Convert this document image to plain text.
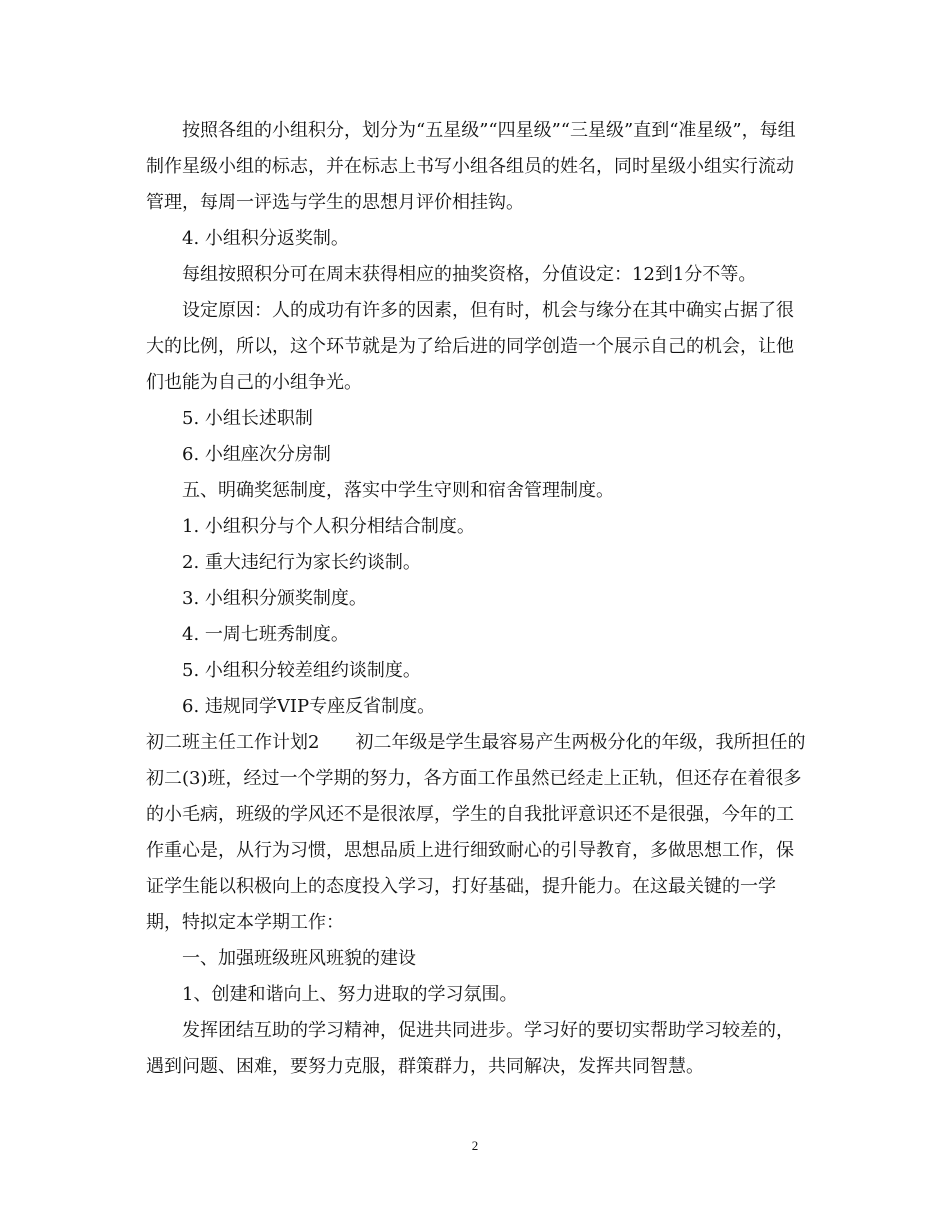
按照各组的小组积分，划分为“五星级”“四星级”“三星级”直到“准星级”，每组制作星级小组的标志，并在标志上书写小组各组员的姓名，同时星级小组实行流动管理，每周一评选与学生的思想月评价相挂钩。

4. 小组积分返奖制。

每组按照积分可在周末获得相应的抽奖资格，分值设定：12到1分不等。

设定原因：人的成功有许多的因素，但有时，机会与缘分在其中确实占据了很大的比例，所以，这个环节就是为了给后进的同学创造一个展示自己的机会，让他们也能为自己的小组争光。

5. 小组长述职制

6. 小组座次分房制

五、明确奖惩制度，落实中学生守则和宿舍管理制度。

1. 小组积分与个人积分相结合制度。

2. 重大违纪行为家长约谈制。

3. 小组积分颁奖制度。

4. 一周七班秀制度。

5. 小组积分较差组约谈制度。

6. 违规同学VIP专座反省制度。

初二班主任工作计划2　　初二年级是学生最容易产生两极分化的年级，我所担任的初二(3)班，经过一个学期的努力，各方面工作虽然已经走上正轨，但还存在着很多的小毛病，班级的学风还不是很浓厚，学生的自我批评意识还不是很强，今年的工作重心是，从行为习惯，思想品质上进行细致耐心的引导教育，多做思想工作，保证学生能以积极向上的态度投入学习，打好基础，提升能力。在这最关键的一学期，特拟定本学期工作：

一、加强班级班风班貌的建设

1、创建和谐向上、努力进取的学习氛围。

发挥团结互助的学习精神，促进共同进步。学习好的要切实帮助学习较差的，遇到问题、困难，要努力克服，群策群力，共同解决，发挥共同智慧。

2
